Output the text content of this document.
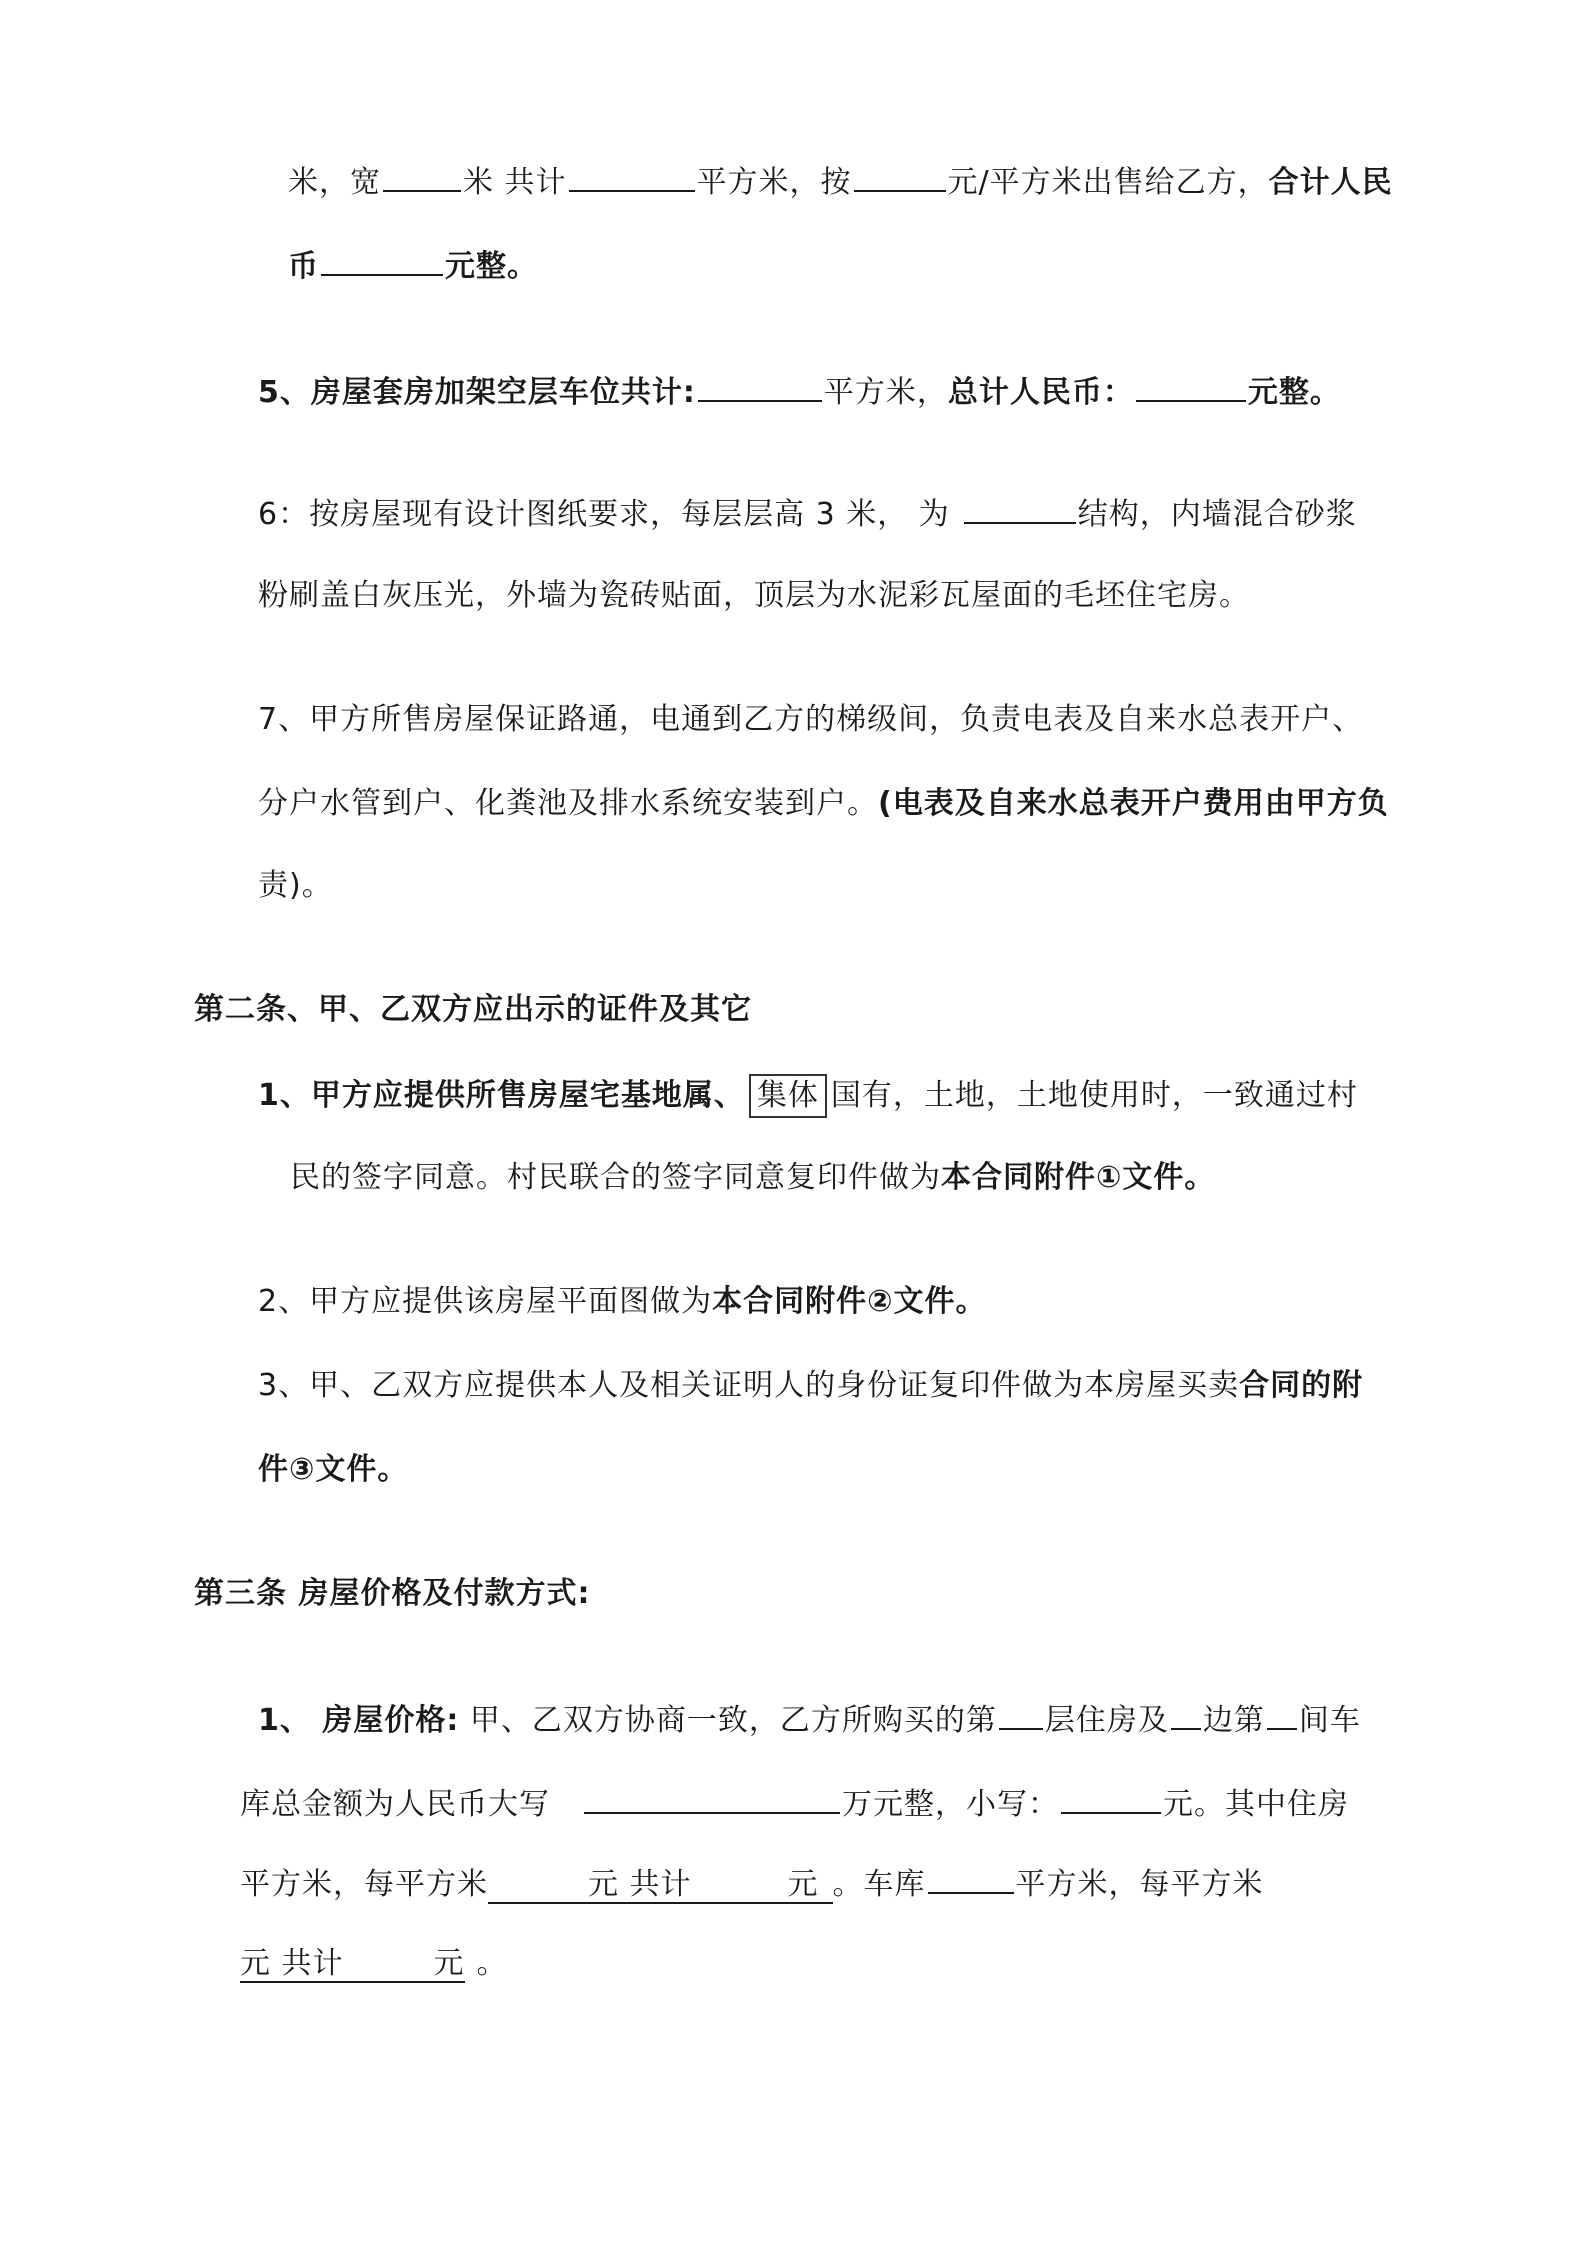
米，宽	米 共计	平方米，按	元/平方米出售给乙方，合计人民
币	元整。
5、房屋套房加架空层车位共计:	平方米，总计人民币：	元整。
6：按房屋现有设计图纸要求，每层层高 3 米， 为	结构，内墙混合砂浆
粉刷盖白灰压光，外墙为瓷砖贴面，顶层为水泥彩瓦屋面的毛坯住宅房。
7、甲方所售房屋保证路通，电通到乙方的梯级间，负责电表及自来水总表开户、
分户水管到户、化粪池及排水系统安装到户。(电表及自来水总表开户费用由甲方负
责)。
第二条、甲、乙双方应出示的证件及其它
1、甲方应提供所售房屋宅基地属、 集体 国有，土地，土地使用时，一致通过村
民的签字同意。村民联合的签字同意复印件做为本合同附件①文件。
2、甲方应提供该房屋平面图做为本合同附件②文件。
3、甲、乙双方应提供本人及相关证明人的身份证复印件做为本房屋买卖合同的附
件③文件。
第三条 房屋价格及付款方式:
1、 房屋价格: 甲、乙双方协商一致，乙方所购买的第 层住房及 边第 间车
库总金额为人民币大写	万元整，小写：	元。其中住房
平方米，每平方米	元 共计	元 。车库	平方米，每平方米
元 共计	元 。
